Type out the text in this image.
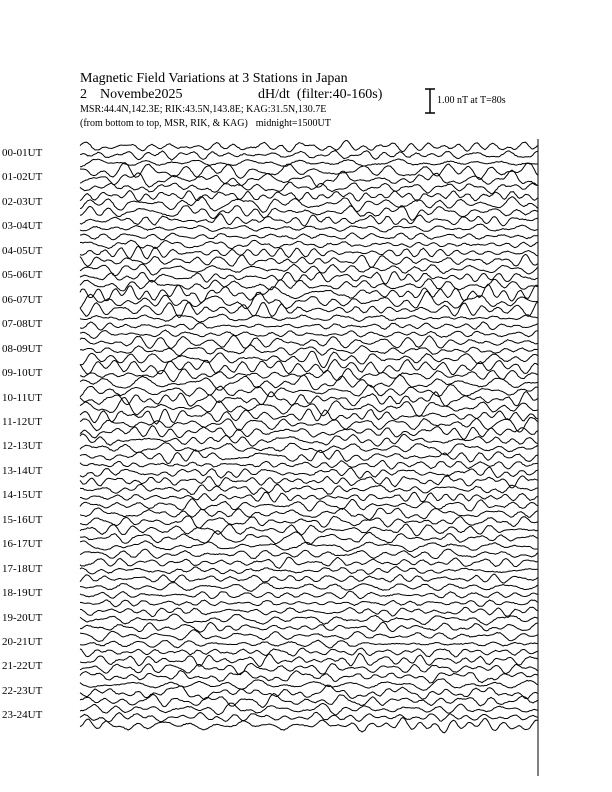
Magnetic Field Variations at 3 Stations in Japan
2 Novembe2025	dH/dt (filter:40-160s)
MSR:44.4N,142.3E; RIK:43.5N,143.8E; KAG:31.5N,130.7E
(from bottom to top, MSR, RIK, & KAG) midnight=1500UT
1.00 nT at T=80s
00-01UT
01-02UT
02-03UT
03-04UT
04-05UT
05-06UT
06-07UT
07-08UT
08-09UT
09-10UT
10-11UT
11-12UT
12-13UT
13-14UT
14-15UT
15-16UT
16-17UT
17-18UT
18-19UT
19-20UT
20-21UT
21-22UT
22-23UT
23-24UT
